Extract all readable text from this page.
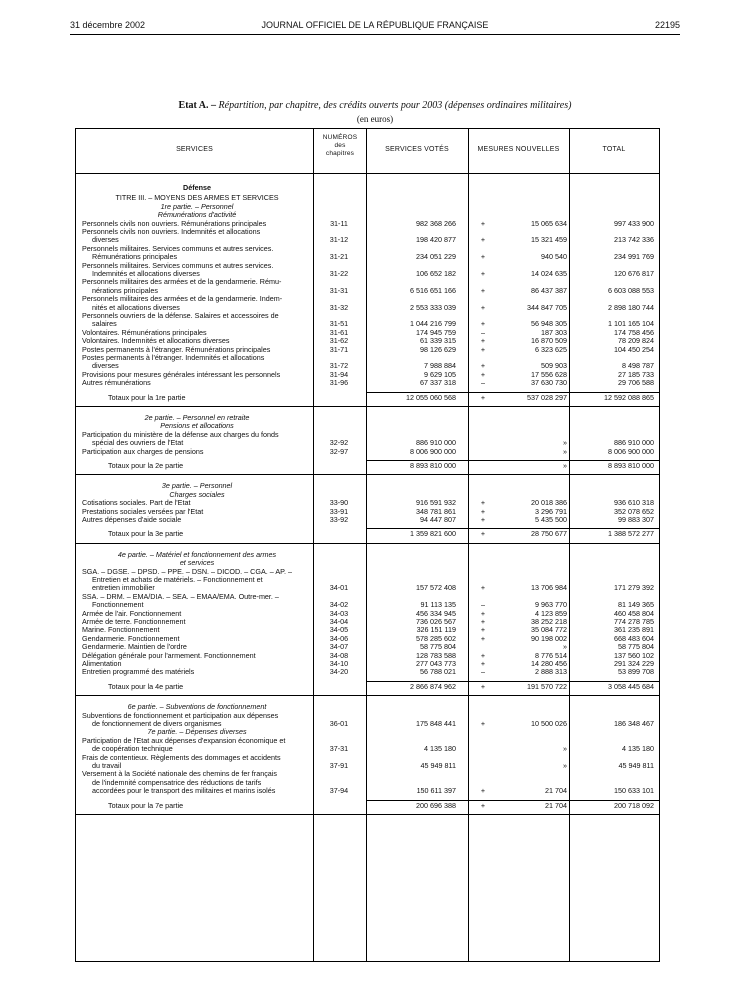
31 décembre 2002	JOURNAL OFFICIEL DE LA RÉPUBLIQUE FRANÇAISE	22195
Etat A. – Répartition, par chapitre, des crédits ouverts pour 2003 (dépenses ordinaires militaires)
(en euros)
SERVICES
NUMÉROS
des
chapitres
SERVICES VOTÉS	MESURES NOUVELLES	TOTAL
Défense
TITRE III. – MOYENS DES ARMES ET SERVICES
1re partie. – Personnel
Rémunérations d'activité
Personnels civils non ouvriers. Rémunérations principales	31-11	982 368 266	+	15 065 634	997 433 900
Personnels civils non ouvriers. Indemnités et allocations
diverses	31-12	198 420 877	+	15 321 459	213 742 336
Personnels militaires. Services communs et autres services.
Rémunérations principales	31-21	234 051 229	+	940 540	234 991 769
Personnels militaires. Services communs et autres services.
Indemnités et allocations diverses	31-22	106 652 182	+	14 024 635	120 676 817
Personnels militaires des armées et de la gendarmerie. Rému-
nérations principales	31-31	6 516 651 166	+	86 437 387	6 603 088 553
Personnels militaires des armées et de la gendarmerie. Indem-
nités et allocations diverses	31-32	2 553 333 039	+	344 847 705	2 898 180 744
Personnels ouvriers de la défense. Salaires et accessoires de
salaires	31-51	1 044 216 799	+	56 948 305	1 101 165 104
Volontaires. Rémunérations principales	31-61	174 945 759	–	187 303	174 758 456
Volontaires. Indemnités et allocations diverses	31-62	61 339 315	+	16 870 509	78 209 824
Postes permanents à l'étranger. Rémunérations principales	31-71	98 126 629	+	6 323 625	104 450 254
Postes permanents à l'étranger. Indemnités et allocations
diverses	31-72	7 988 884	+	509 903	8 498 787
Provisions pour mesures générales intéressant les personnels	31-94	9 629 105	+	17 556 628	27 185 733
Autres rémunérations	31-96	67 337 318	–	37 630 730	29 706 588
Totaux pour la 1re partie	12 055 060 568	+	537 028 297	12 592 088 865
2e partie. – Personnel en retraite
Pensions et allocations
Participation du ministère de la défense aux charges du fonds
spécial des ouvriers de l'Etat	32-92	886 910 000	»	886 910 000
Participation aux charges de pensions	32-97	8 006 900 000	»	8 006 900 000
Totaux pour la 2e partie	8 893 810 000	»	8 893 810 000
3e partie. – Personnel
Charges sociales
Cotisations sociales. Part de l'Etat	33-90	916 591 932	+	20 018 386	936 610 318
Prestations sociales versées par l'Etat	33-91	348 781 861	+	3 296 791	352 078 652
Autres dépenses d'aide sociale	33-92	94 447 807	+	5 435 500	99 883 307
Totaux pour la 3e partie	1 359 821 600	+	28 750 677	1 388 572 277
4e partie. – Matériel et fonctionnement des armes
et services
SGA. – DGSE. – DPSD. – PPE. – DSN. – DICOD. – CGA. – AP. –
Entretien et achats de matériels. – Fonctionnement et
entretien immobilier	34-01	157 572 408	+	13 706 984	171 279 392
SSA. – DRM. – EMA/DIA. – SEA. – EMAA/EMA. Outre-mer. –
Fonctionnement	34-02	91 113 135	–	9 963 770	81 149 365
Armée de l'air. Fonctionnement	34-03	456 334 945	+	4 123 859	460 458 804
Armée de terre. Fonctionnement	34-04	736 026 567	+	38 252 218	774 278 785
Marine. Fonctionnement	34-05	326 151 119	+	35 084 772	361 235 891
Gendarmerie. Fonctionnement	34-06	578 285 602	+	90 198 002	668 483 604
Gendarmerie. Maintien de l'ordre	34-07	58 775 804	»	58 775 804
Délégation générale pour l'armement. Fonctionnement	34-08	128 783 588	+	8 776 514	137 560 102
Alimentation	34-10	277 043 773	+	14 280 456	291 324 229
Entretien programmé des matériels	34-20	56 788 021	–	2 888 313	53 899 708
Totaux pour la 4e partie	2 866 874 962	+	191 570 722	3 058 445 684
6e partie. – Subventions de fonctionnement
Subventions de fonctionnement et participation aux dépenses
de fonctionnement de divers organismes	36-01	175 848 441	+	10 500 026	186 348 467
7e partie. – Dépenses diverses
Participation de l'Etat aux dépenses d'expansion économique et
de coopération technique	37-31	4 135 180	»	4 135 180
Frais de contentieux. Règlements des dommages et accidents
du travail	37-91	45 949 811	»	45 949 811
Versement à la Société nationale des chemins de fer français
de l'indemnité compensatrice des réductions de tarifs
accordées pour le transport des militaires et marins isolés	37-94	150 611 397	+	21 704	150 633 101
Totaux pour la 7e partie	200 696 388	+	21 704	200 718 092
